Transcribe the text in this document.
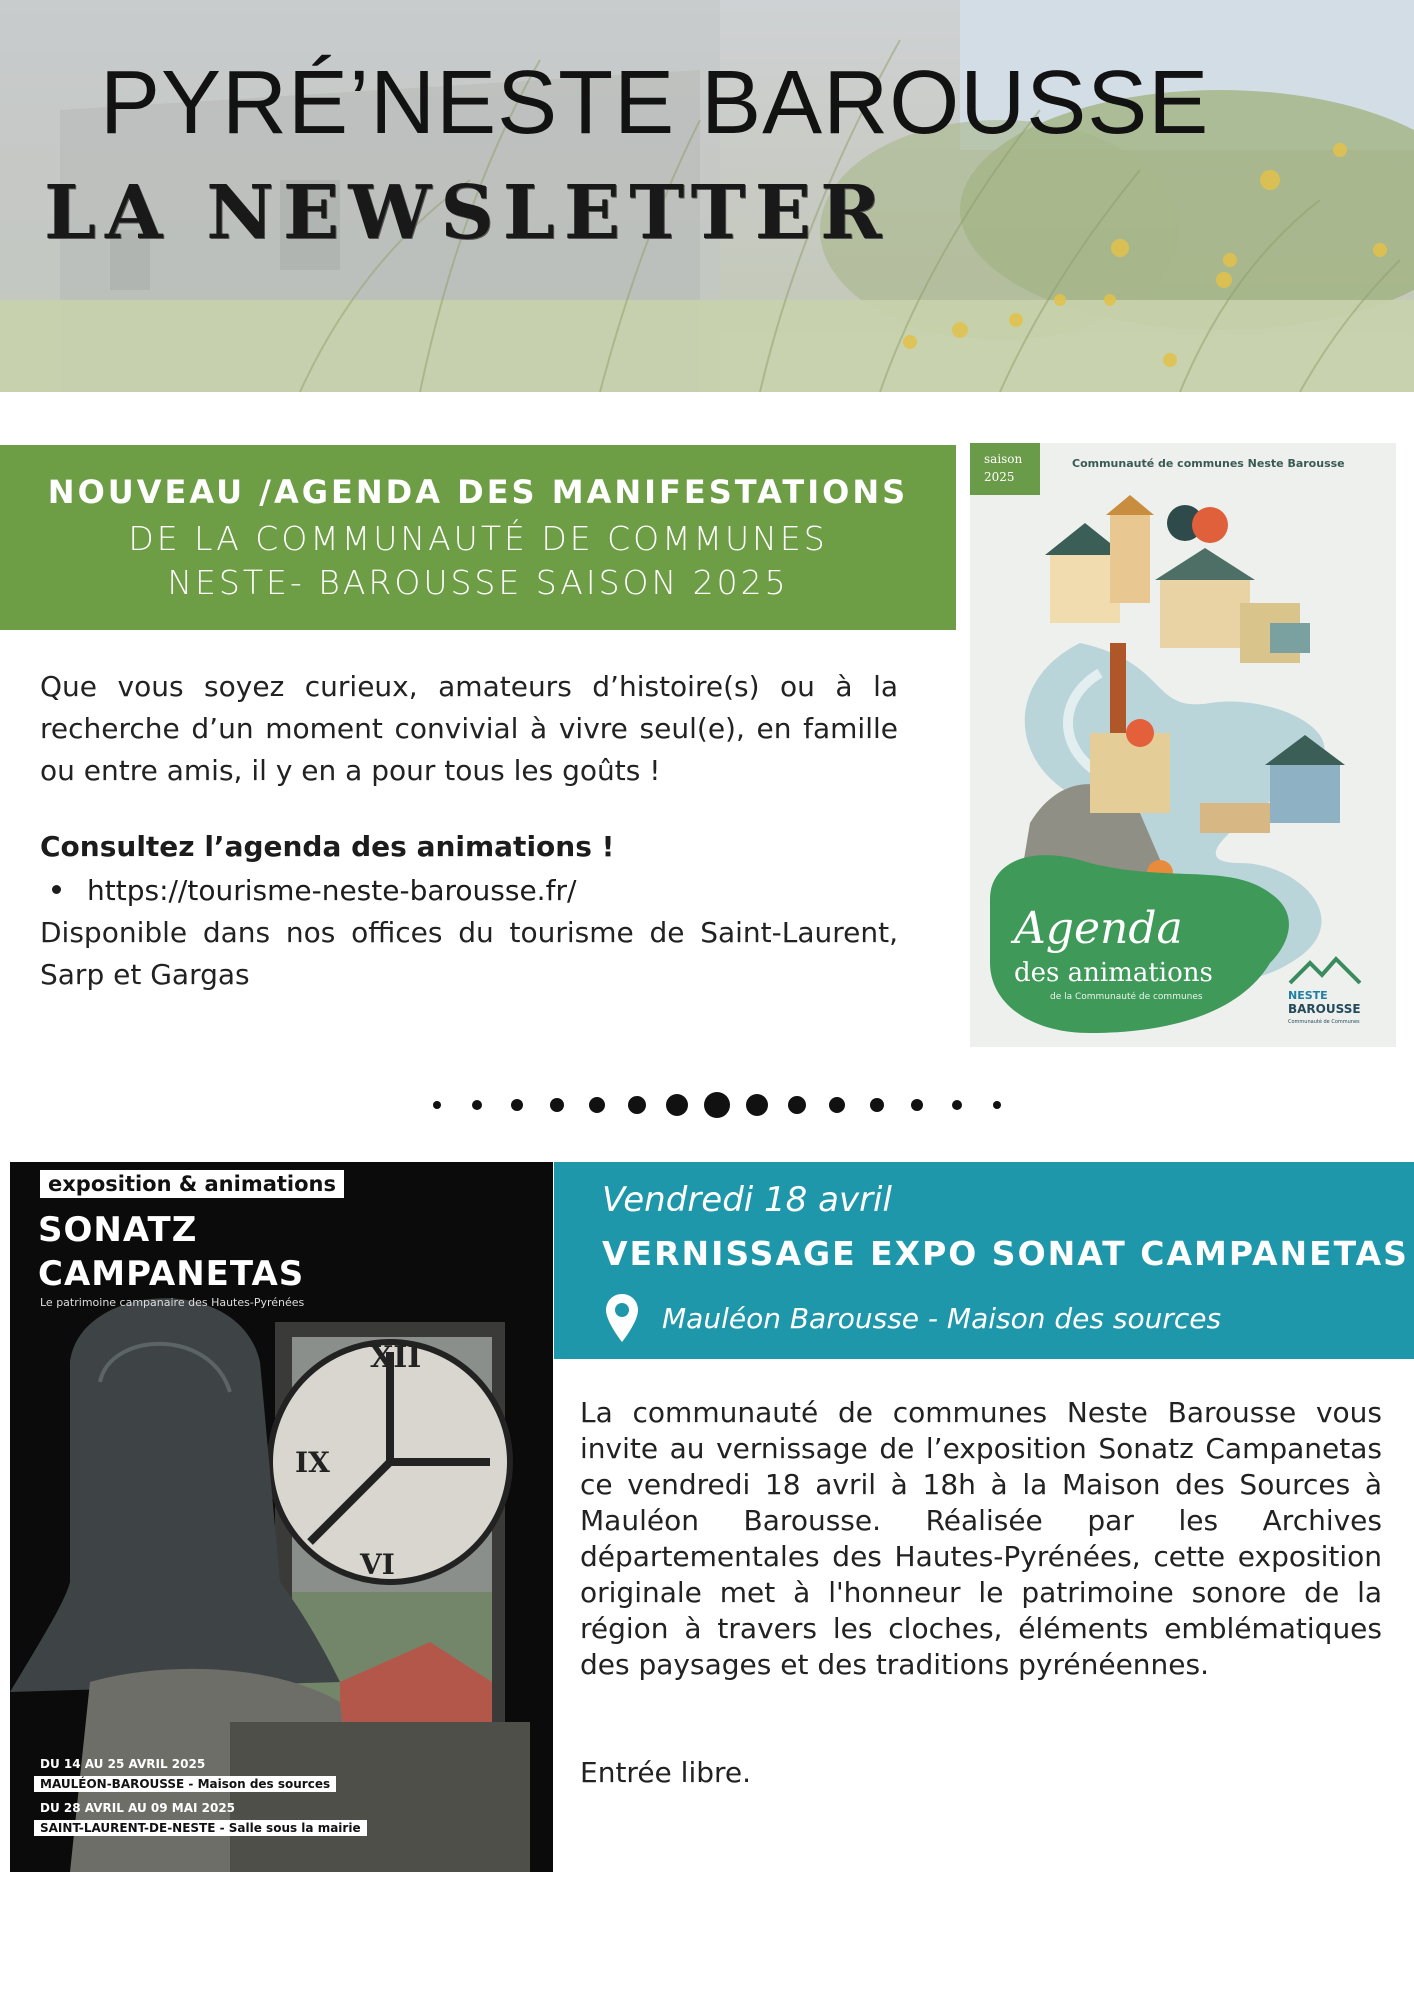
PYRÉ’NESTE BAROUSSE
LA NEWSLETTER
NOUVEAU /AGENDA DES MANIFESTATIONS
DE LA COMMUNAUTÉ DE COMMUNES
NESTE- BAROUSSE SAISON 2025
Que vous soyez curieux, amateurs d’histoire(s) ou à la recherche d’un moment convivial à vivre seul(e), en famille ou entre amis, il y en a pour tous les goûts !
Consultez l’agenda des animations !
https://tourisme-neste-barousse.fr/
Disponible dans nos offices du tourisme de Saint-Laurent, Sarp et Gargas
saison
2025
Communauté de communes Neste Barousse
Agenda
des animations
de la Communauté de communes	NESTE
BAROUSSE
Communauté de Communes
XII
IX
VI
exposition & animations
SONATZ
CAMPANETAS
Le patrimoine campanaire des Hautes-Pyrénées
DU 14 AU 25 AVRIL 2025
MAULÉON-BAROUSSE - Maison des sources
DU 28 AVRIL AU 09 MAI 2025
SAINT-LAURENT-DE-NESTE - Salle sous la mairie
Vendredi 18 avril
VERNISSAGE EXPO SONAT CAMPANETAS
Mauléon Barousse - Maison des sources
La communauté de communes Neste Barousse vous invite au vernissage de l’exposition Sonatz Campanetas ce vendredi 18 avril à 18h à la Maison des Sources à Mauléon Barousse. Réalisée par les Archives départementales des Hautes-Pyrénées, cette exposition originale met à l'honneur le patrimoine sonore de la région à travers les cloches, éléments emblématiques des paysages et des traditions pyrénéennes.
Entrée libre.
